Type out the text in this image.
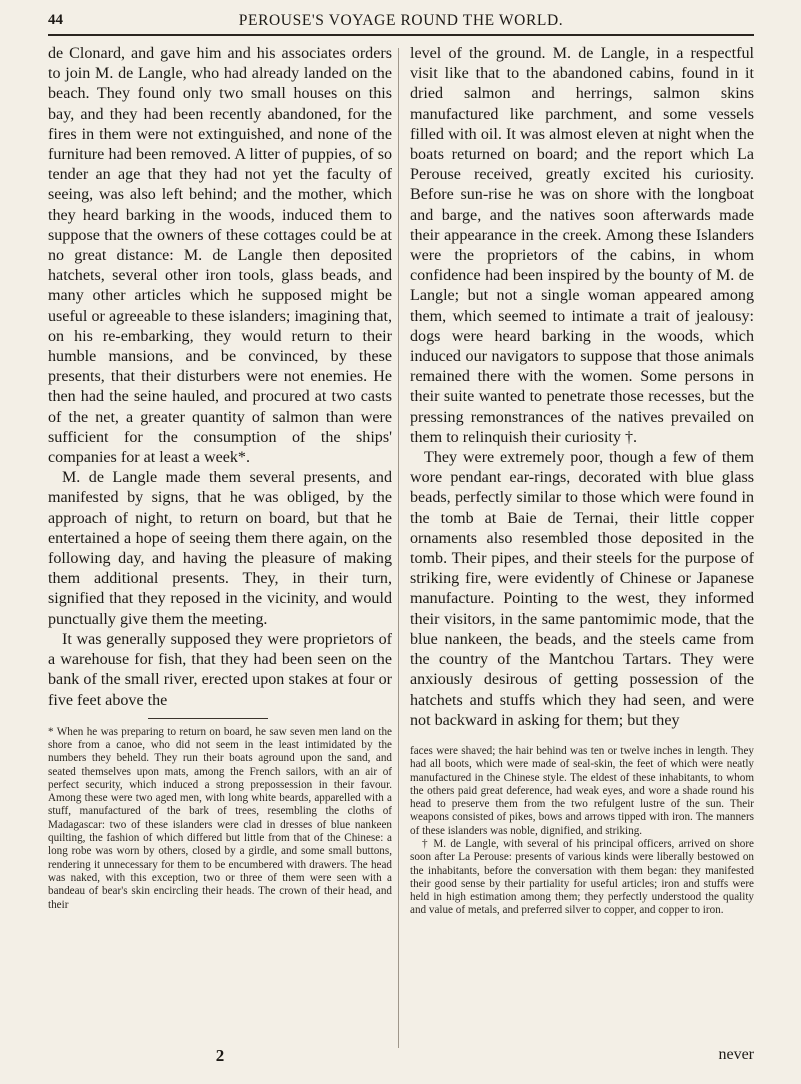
44	PEROUSE'S VOYAGE ROUND THE WORLD.

de Clonard, and gave him and his associates orders to join M. de Langle, who had already landed on the beach. They found only two small houses on this bay, and they had been recently abandoned, for the fires in them were not extinguished, and none of the furniture had been removed. A litter of puppies, of so tender an age that they had not yet the faculty of seeing, was also left behind; and the mother, which they heard barking in the woods, induced them to suppose that the owners of these cottages could be at no great distance: M. de Langle then deposited hatchets, several other iron tools, glass beads, and many other articles which he supposed might be useful or agreeable to these islanders; imagining that, on his re-embarking, they would return to their humble mansions, and be convinced, by these presents, that their disturbers were not enemies. He then had the seine hauled, and procured at two casts of the net, a greater quantity of salmon than were sufficient for the consumption of the ships' companies for at least a week*.

M. de Langle made them several presents, and manifested by signs, that he was obliged, by the approach of night, to return on board, but that he entertained a hope of seeing them there again, on the following day, and having the pleasure of making them additional presents. They, in their turn, signified that they reposed in the vicinity, and would punctually give them the meeting.

It was generally supposed they were proprietors of a warehouse for fish, that they had been seen on the bank of the small river, erected upon stakes at four or five feet above the

* When he was preparing to return on board, he saw seven men land on the shore from a canoe, who did not seem in the least intimidated by the numbers they beheld. They run their boats aground upon the sand, and seated themselves upon mats, among the French sailors, with an air of perfect security, which induced a strong prepossession in their favour. Among these were two aged men, with long white beards, apparelled with a stuff, manufactured of the bark of trees, resembling the cloths of Madagascar: two of these islanders were clad in dresses of blue nankeen quilting, the fashion of which differed but little from that of the Chinese: a long robe was worn by others, closed by a girdle, and some small buttons, rendering it unnecessary for them to be encumbered with drawers. The head was naked, with this exception, two or three of them were seen with a bandeau of bear's skin encircling their heads. The crown of their head, and their

level of the ground. M. de Langle, in a respectful visit like that to the abandoned cabins, found in it dried salmon and herrings, salmon skins manufactured like parchment, and some vessels filled with oil. It was almost eleven at night when the boats returned on board; and the report which La Perouse received, greatly excited his curiosity. Before sun-rise he was on shore with the longboat and barge, and the natives soon afterwards made their appearance in the creek. Among these Islanders were the proprietors of the cabins, in whom confidence had been inspired by the bounty of M. de Langle; but not a single woman appeared among them, which seemed to intimate a trait of jealousy: dogs were heard barking in the woods, which induced our navigators to suppose that those animals remained there with the women. Some persons in their suite wanted to penetrate those recesses, but the pressing remonstrances of the natives prevailed on them to relinquish their curiosity †.

They were extremely poor, though a few of them wore pendant ear-rings, decorated with blue glass beads, perfectly similar to those which were found in the tomb at Baie de Ternai, their little copper ornaments also resembled those deposited in the tomb. Their pipes, and their steels for the purpose of striking fire, were evidently of Chinese or Japanese manufacture. Pointing to the west, they informed their visitors, in the same pantomimic mode, that the blue nankeen, the beads, and the steels came from the country of the Mantchou Tartars. They were anxiously desirous of getting possession of the hatchets and stuffs which they had seen, and were not backward in asking for them; but they

faces were shaved; the hair behind was ten or twelve inches in length. They had all boots, which were made of seal-skin, the feet of which were neatly manufactured in the Chinese style. The eldest of these inhabitants, to whom the others paid great deference, had weak eyes, and wore a shade round his head to preserve them from the two refulgent lustre of the sun. Their weapons consisted of pikes, bows and arrows tipped with iron. The manners of these islanders was noble, dignified, and striking.

† M. de Langle, with several of his principal officers, arrived on shore soon after La Perouse: presents of various kinds were liberally bestowed on the inhabitants, before the conversation with them began: they manifested their good sense by their partiality for useful articles; iron and stuffs were held in high estimation among them; they perfectly understood the quality and value of metals, and preferred silver to copper, and copper to iron.

2	never
